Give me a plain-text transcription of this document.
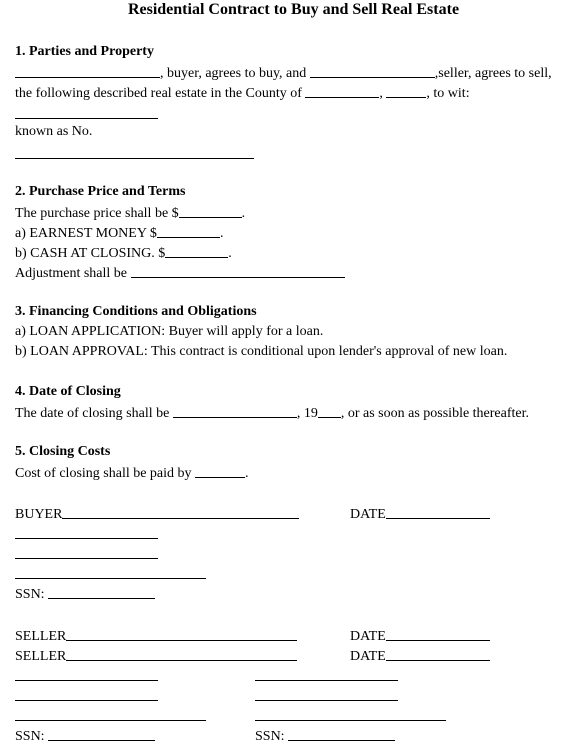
Residential Contract to Buy and Sell Real Estate
1. Parties and Property
, buyer, agrees to buy, and	,seller, agrees to sell,
the following described real estate in the County of	,	, to wit:
known as No.
2. Purchase Price and Terms
The purchase price shall be $	.
a) EARNEST MONEY $	.
b) CASH AT CLOSING. $	.
Adjustment shall be
3. Financing Conditions and Obligations
a) LOAN APPLICATION: Buyer will apply for a loan.
b) LOAN APPROVAL: This contract is conditional upon lender's approval of new loan.
4. Date of Closing
The date of closing shall be	, 19 , or as soon as possible thereafter.
5. Closing Costs
Cost of closing shall be paid by	.
BUYER	DATE
SSN:
SELLER	DATE
SELLER	DATE
SSN:	SSN:
